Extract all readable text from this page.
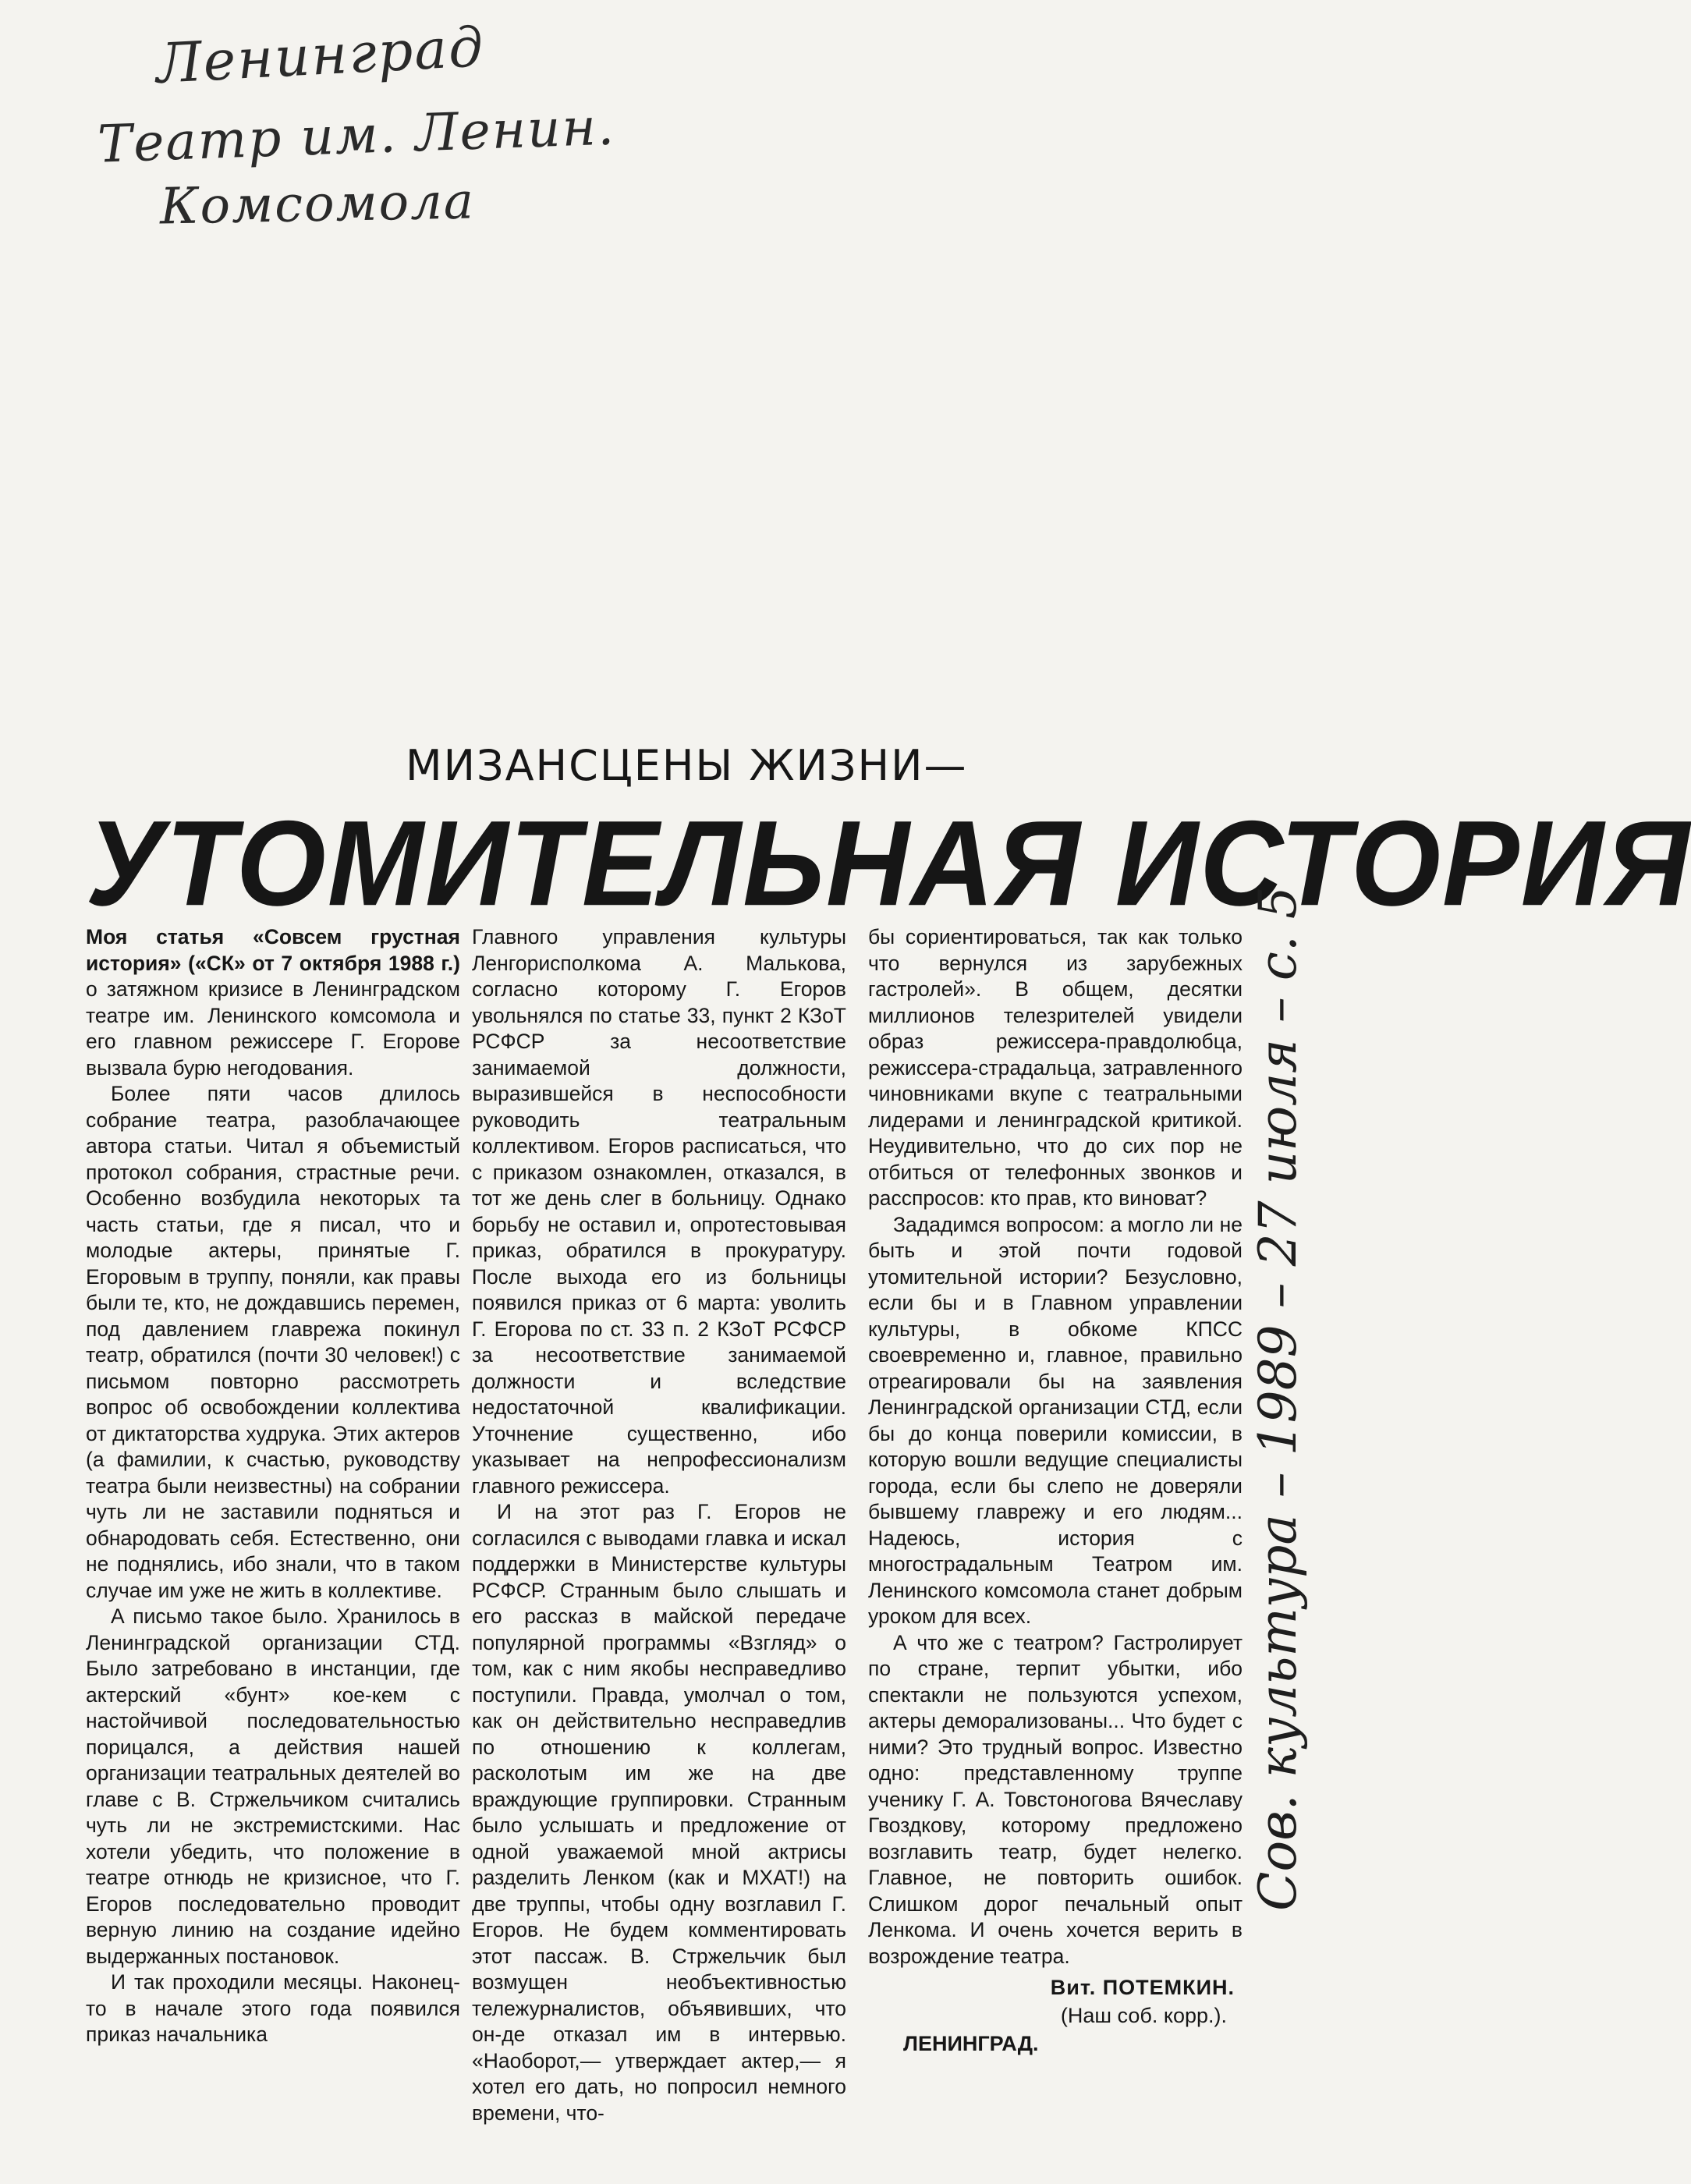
Ленинград
Театр им. Ленин.
Комсомола
МИЗАНСЦЕНЫ ЖИЗНИ—
УТОМИТЕЛЬНАЯ ИСТОРИЯ

Моя статья «Совсем грустная история» («СК» от 7 октября 1988 г.) о затяжном кризисе в Ленинградском театре им. Ленинского комсомола и его главном режиссере Г. Егорове вызвала бурю негодования.

Более пяти часов длилось собрание театра, разоблачающее автора статьи. Читал я объемистый протокол собрания, страстные речи. Особенно возбудила некоторых та часть статьи, где я писал, что и молодые актеры, принятые Г. Егоровым в труппу, поняли, как правы были те, кто, не дождавшись перемен, под давлением главрежа покинул театр, обратился (почти 30 человек!) с письмом повторно рассмотреть вопрос об освобождении коллектива от диктаторства худрука. Этих актеров (а фамилии, к счастью, руководству театра были неизвестны) на собрании чуть ли не заставили подняться и обнародовать себя. Естественно, они не поднялись, ибо знали, что в таком случае им уже не жить в коллективе.

А письмо такое было. Хранилось в Ленинградской организации СТД. Было затребовано в инстанции, где актерский «бунт» кое-кем с настойчивой последовательностью порицался, а действия нашей организации театральных деятелей во главе с В. Стржельчиком считались чуть ли не экстремистскими. Нас хотели убедить, что положение в театре отнюдь не кризисное, что Г. Егоров последовательно проводит верную линию на создание идейно выдержанных постановок.

И так проходили месяцы. Наконец-то в начале этого года появился приказ начальника

Главного управления культуры Ленгорисполкома А. Малькова, согласно которому Г. Егоров увольнялся по статье 33, пункт 2 КЗоТ РСФСР за несоответствие занимаемой должности, выразившейся в неспособности руководить театральным коллективом. Егоров расписаться, что с приказом ознакомлен, отказался, в тот же день слег в больницу. Однако борьбу не оставил и, опротестовывая приказ, обратился в прокуратуру. После выхода его из больницы появился приказ от 6 марта: уволить Г. Егорова по ст. 33 п. 2 КЗоТ РСФСР за несоответствие занимаемой должности и вследствие недостаточной квалификации. Уточнение существенно, ибо указывает на непрофессионализм главного режиссера.

И на этот раз Г. Егоров не согласился с выводами главка и искал поддержки в Министерстве культуры РСФСР. Странным было слышать и его рассказ в майской передаче популярной программы «Взгляд» о том, как с ним якобы несправедливо поступили. Правда, умолчал о том, как он действительно несправедлив по отношению к коллегам, расколотым им же на две враждующие группировки. Странным было услышать и предложение от одной уважаемой мной актрисы разделить Ленком (как и МХАТ!) на две труппы, чтобы одну возглавил Г. Егоров. Не будем комментировать этот пассаж. В. Стржельчик был возмущен необъективностью тележурналистов, объявивших, что он-де отказал им в интервью. «Наоборот,— утверждает актер,— я хотел его дать, но попросил немного времени, что-

бы сориентироваться, так как только что вернулся из зарубежных гастролей». В общем, десятки миллионов телезрителей увидели образ режиссера-правдолюбца, режиссера-страдальца, затравленного чиновниками вкупе с театральными лидерами и ленинградской критикой. Неудивительно, что до сих пор не отбиться от телефонных звонков и расспросов: кто прав, кто виноват?

Зададимся вопросом: а могло ли не быть и этой почти годовой утомительной истории? Безусловно, если бы и в Главном управлении культуры, в обкоме КПСС своевременно и, главное, правильно отреагировали бы на заявления Ленинградской организации СТД, если бы до конца поверили комиссии, в которую вошли ведущие специалисты города, если бы слепо не доверяли бывшему главрежу и его людям... Надеюсь, история с многострадальным Театром им. Ленинского комсомола станет добрым уроком для всех.

А что же с театром? Гастролирует по стране, терпит убытки, ибо спектакли не пользуются успехом, актеры деморализованы... Что будет с ними? Это трудный вопрос. Известно одно: представленному труппе ученику Г. А. Товстоногова Вячеславу Гвоздкову, которому предложено возглавить театр, будет нелегко. Главное, не повторить ошибок. Слишком дорог печальный опыт Ленкома. И очень хочется верить в возрождение театра.

Вит. ПОТЕМКИН.
(Наш соб. корр.).
ЛЕНИНГРАД.
Сов. культура – 1989 – 27 июля – с. 5
